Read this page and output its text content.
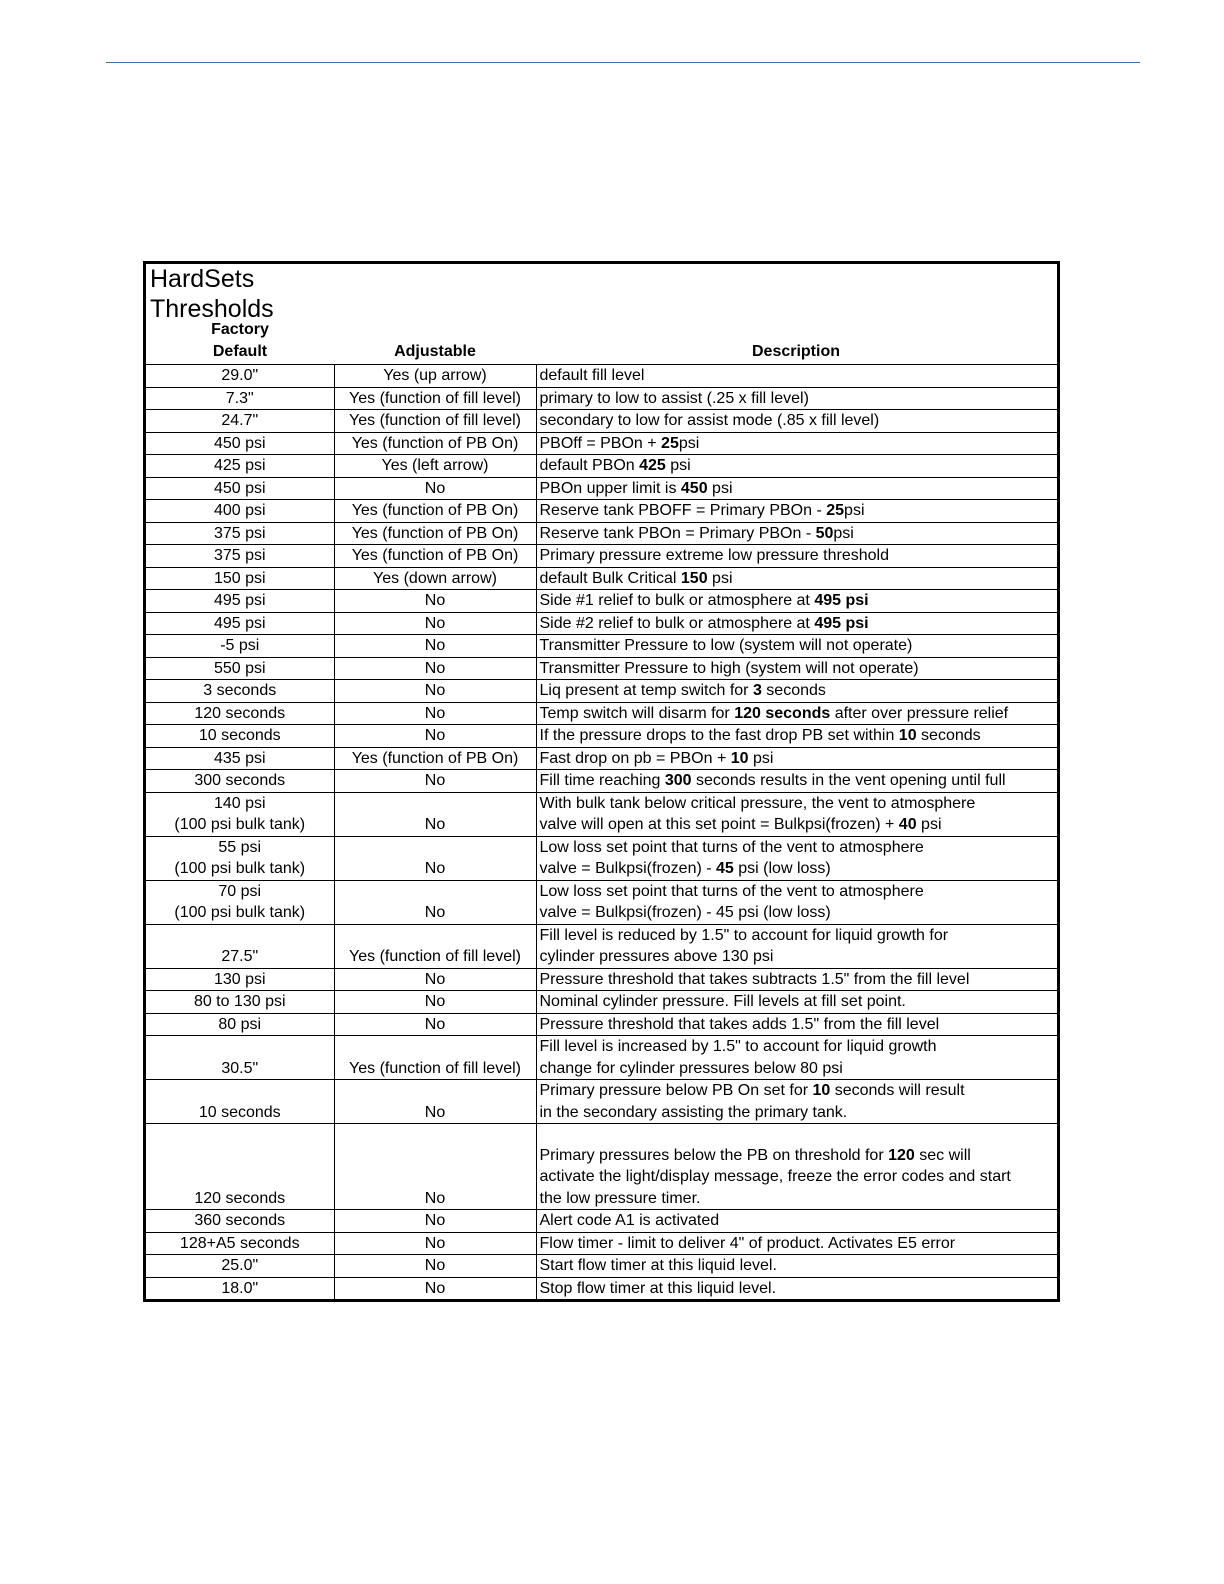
HardSets
Thresholds
Factory
Default	Adjustable	Description
29.0"	Yes (up arrow)	default fill level

7.3"	Yes (function of fill level)	primary to low to assist (.25 x fill level)

24.7"	Yes (function of fill level)	secondary to low for assist mode (.85 x fill level)

450 psi	Yes (function of PB On)	PBOff = PBOn + 25psi

425 psi	Yes (left arrow)	default PBOn 425 psi

450 psi	No	PBOn upper limit is 450 psi

400 psi	Yes (function of PB On)	Reserve tank PBOFF = Primary PBOn - 25psi

375 psi	Yes (function of PB On)	Reserve tank PBOn = Primary PBOn - 50psi

375 psi	Yes (function of PB On)	Primary pressure extreme low pressure threshold

150 psi	Yes (down arrow)	default Bulk Critical 150 psi

495 psi	No	Side #1 relief to bulk or atmosphere at 495 psi

495 psi	No	Side #2 relief to bulk or atmosphere at 495 psi

-5 psi	No	Transmitter Pressure to low (system will not operate)

550 psi	No	Transmitter Pressure to high (system will not operate)

3 seconds	No	Liq present at temp switch for 3 seconds

120 seconds	No	Temp switch will disarm for 120 seconds after over pressure relief

10 seconds	No	If the pressure drops to the fast drop PB set within 10 seconds

435 psi	Yes (function of PB On)	Fast drop on pb = PBOn + 10 psi

300 seconds	No	Fill time reaching 300 seconds results in the vent opening until full

140 psi
(100 psi bulk tank)	No	With bulk tank below critical pressure, the vent to atmosphere
valve will open at this set point = Bulkpsi(frozen) + 40 psi

55 psi
(100 psi bulk tank)	No	Low loss set point that turns of the vent to atmosphere
valve = Bulkpsi(frozen) - 45 psi (low loss)

70 psi
(100 psi bulk tank)	No	Low loss set point that turns of the vent to atmosphere
valve = Bulkpsi(frozen) - 45 psi (low loss)

27.5"	Yes (function of fill level)	Fill level is reduced by 1.5" to account for liquid growth for
cylinder pressures above 130 psi

130 psi	No	Pressure threshold that takes subtracts 1.5" from the fill level

80 to 130 psi	No	Nominal cylinder pressure. Fill levels at fill set point.

80 psi	No	Pressure threshold that takes adds 1.5" from the fill level

30.5"	Yes (function of fill level)	Fill level is increased by 1.5" to account for liquid growth
change for cylinder pressures below 80 psi

10 seconds	No	Primary pressure below PB On set for 10 seconds will result
in the secondary assisting the primary tank.

120 seconds	No	Primary pressures below the PB on threshold for 120 sec will
activate the light/display message, freeze the error codes and start
the low pressure timer.

360 seconds	No	Alert code A1 is activated

128+A5 seconds	No	Flow timer - limit to deliver 4" of product. Activates E5 error

25.0"	No	Start flow timer at this liquid level.

18.0"	No	Stop flow timer at this liquid level.
